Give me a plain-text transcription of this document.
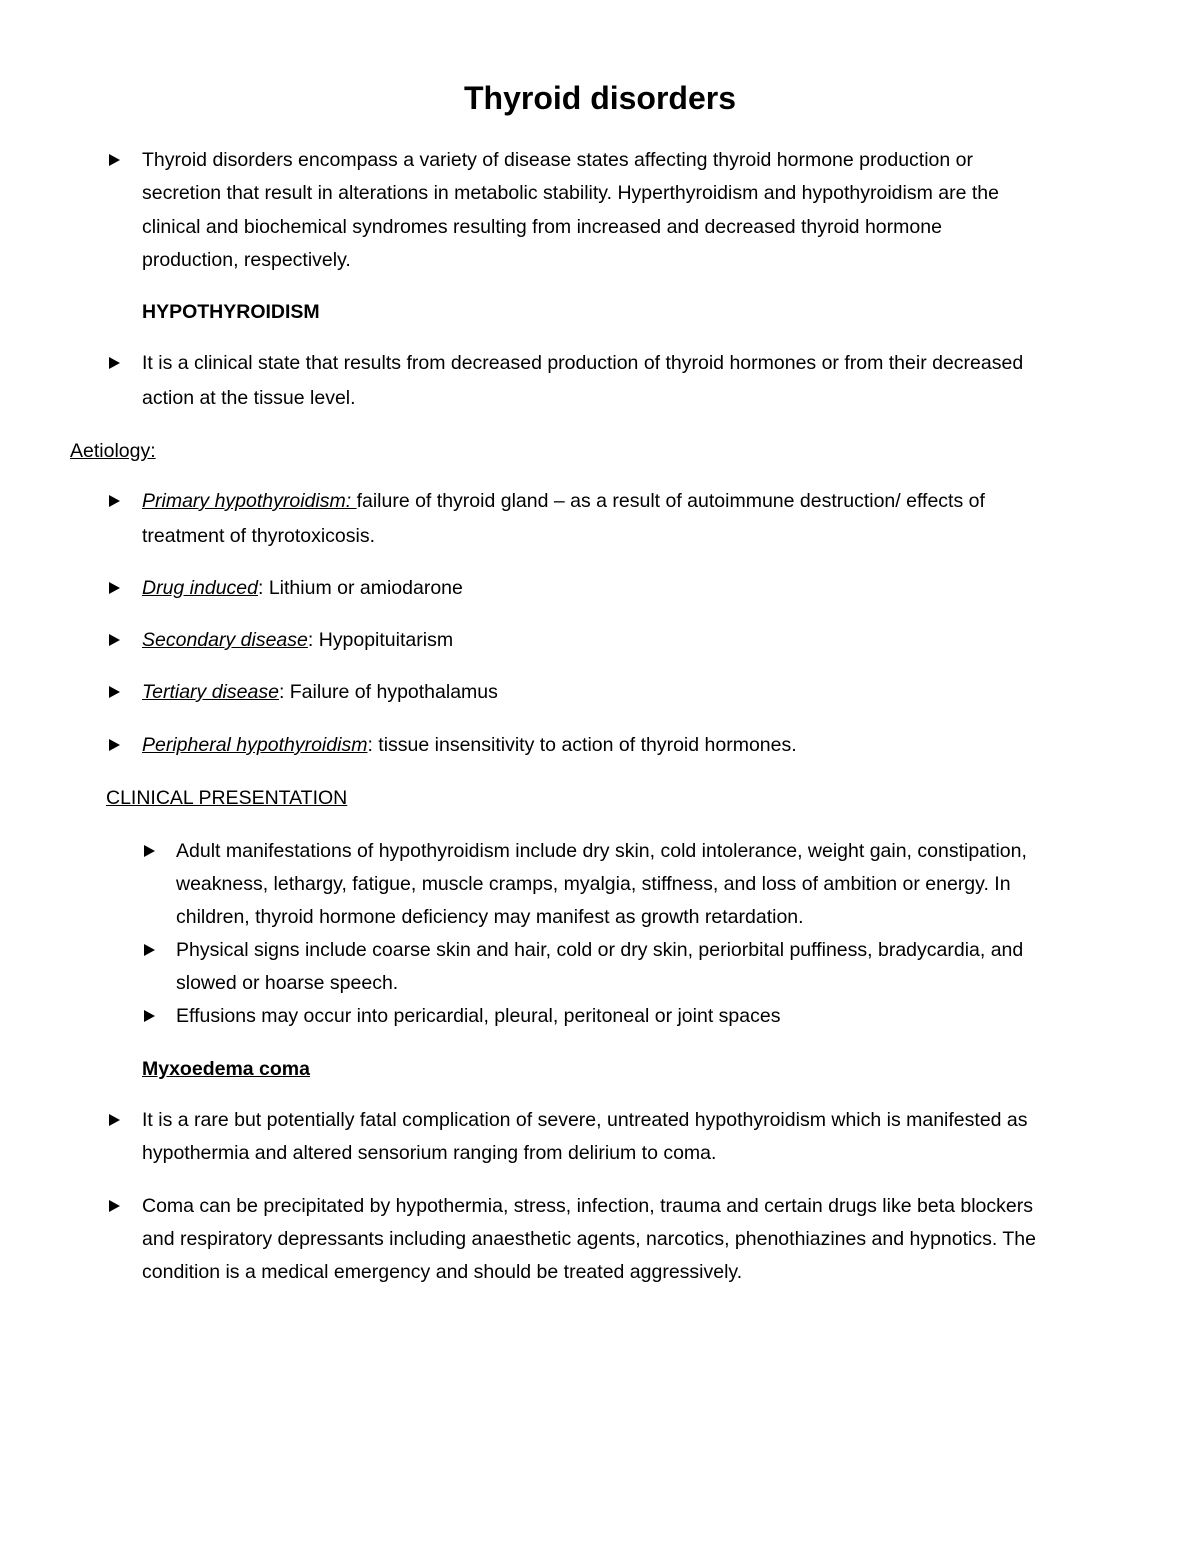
Thyroid disorders
Thyroid disorders encompass a variety of disease states affecting thyroid hormone production or
secretion that result in alterations in metabolic stability. Hyperthyroidism and hypothyroidism are the
clinical and biochemical syndromes resulting from increased and decreased thyroid hormone
production, respectively.
HYPOTHYROIDISM
It is a clinical state that results from decreased production of thyroid hormones or from their decreased
action at the tissue level.
Aetiology:
Primary hypothyroidism: failure of thyroid gland – as a result of autoimmune destruction/ effects of
treatment of thyrotoxicosis.
Drug induced: Lithium or amiodarone
Secondary disease: Hypopituitarism
Tertiary disease: Failure of hypothalamus
Peripheral hypothyroidism: tissue insensitivity to action of thyroid hormones.
CLINICAL PRESENTATION
Adult manifestations of hypothyroidism include dry skin, cold intolerance, weight gain, constipation,
weakness, lethargy, fatigue, muscle cramps, myalgia, stiffness, and loss of ambition or energy. In
children, thyroid hormone deficiency may manifest as growth retardation.
Physical signs include coarse skin and hair, cold or dry skin, periorbital puffiness, bradycardia, and
slowed or hoarse speech.
Effusions may occur into pericardial, pleural, peritoneal or joint spaces
Myxoedema coma
It is a rare but potentially fatal complication of severe, untreated hypothyroidism which is manifested as
hypothermia and altered sensorium ranging from delirium to coma.
Coma can be precipitated by hypothermia, stress, infection, trauma and certain drugs like beta blockers
and respiratory depressants including anaesthetic agents, narcotics, phenothiazines and hypnotics. The
condition is a medical emergency and should be treated aggressively.
